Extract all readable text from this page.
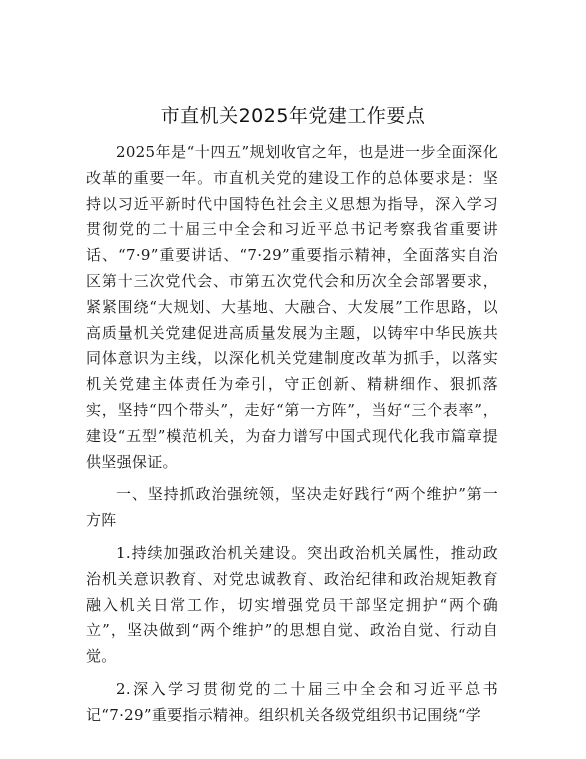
市直机关2025年党建工作要点

2025年是“十四五”规划收官之年，也是进一步全面深化改革的重要一年。市直机关党的建设工作的总体要求是：坚持以习近平新时代中国特色社会主义思想为指导，深入学习贯彻党的二十届三中全会和习近平总书记考察我省重要讲话、“7·9”重要讲话、“7·29”重要指示精神，全面落实自治区第十三次党代会、市第五次党代会和历次全会部署要求，紧紧围绕“大规划、大基地、大融合、大发展”工作思路，以高质量机关党建促进高质量发展为主题，以铸牢中华民族共同体意识为主线，以深化机关党建制度改革为抓手，以落实机关党建主体责任为牵引，守正创新、精耕细作、狠抓落实，坚持“四个带头”，走好“第一方阵”，当好“三个表率”，建设“五型”模范机关，为奋力谱写中国式现代化我市篇章提供坚强保证。

一、坚持抓政治强统领，坚决走好践行“两个维护”第一方阵

1.持续加强政治机关建设。突出政治机关属性，推动政治机关意识教育、对党忠诚教育、政治纪律和政治规矩教育融入机关日常工作，切实增强党员干部坚定拥护“两个确立”，坚决做到“两个维护”的思想自觉、政治自觉、行动自觉。

2.深入学习贯彻党的二十届三中全会和习近平总书记“7·29”重要指示精神。组织机关各级党组织书记围绕“学
